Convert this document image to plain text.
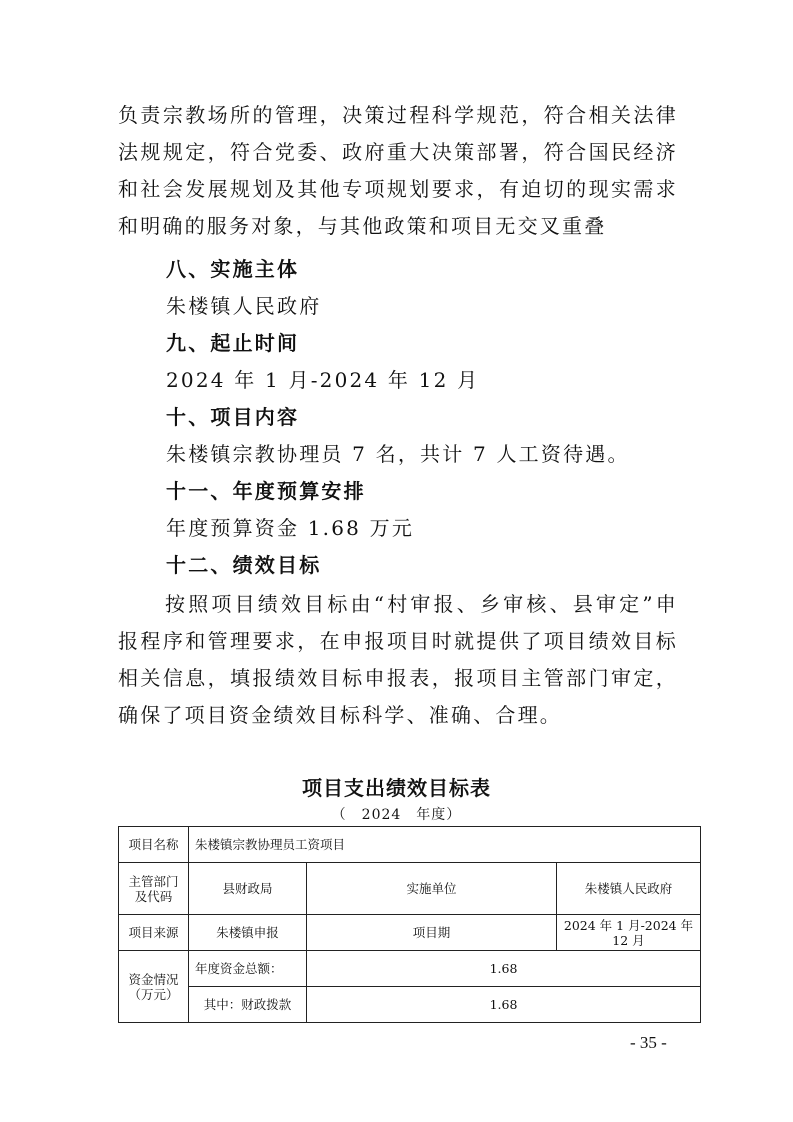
负责宗教场所的管理，决策过程科学规范，符合相关法律法规规定，符合党委、政府重大决策部署，符合国民经济和社会发展规划及其他专项规划要求，有迫切的现实需求和明确的服务对象，与其他政策和项目无交叉重叠

八、实施主体

朱楼镇人民政府

九、起止时间

2024 年 1 月-2024 年 12 月

十、项目内容

朱楼镇宗教协理员 7 名，共计 7 人工资待遇。

十一、年度预算安排

年度预算资金 1.68 万元

十二、绩效目标

按照项目绩效目标由“村审报、乡审核、县审定”申报程序和管理要求，在申报项目时就提供了项目绩效目标相关信息，填报绩效目标申报表，报项目主管部门审定，确保了项目资金绩效目标科学、准确、合理。

项目支出绩效目标表

（　2024　年度）

项目名称	朱楼镇宗教协理员工资项目		
主管部门及代码	县财政局	实施单位	朱楼镇人民政府
项目来源	朱楼镇申报	项目期	2024 年 1 月-2024 年 12 月
资金情况（万元）	年度资金总额：	1.68	
	其中：财政拨款	1.68	

- 35 -
